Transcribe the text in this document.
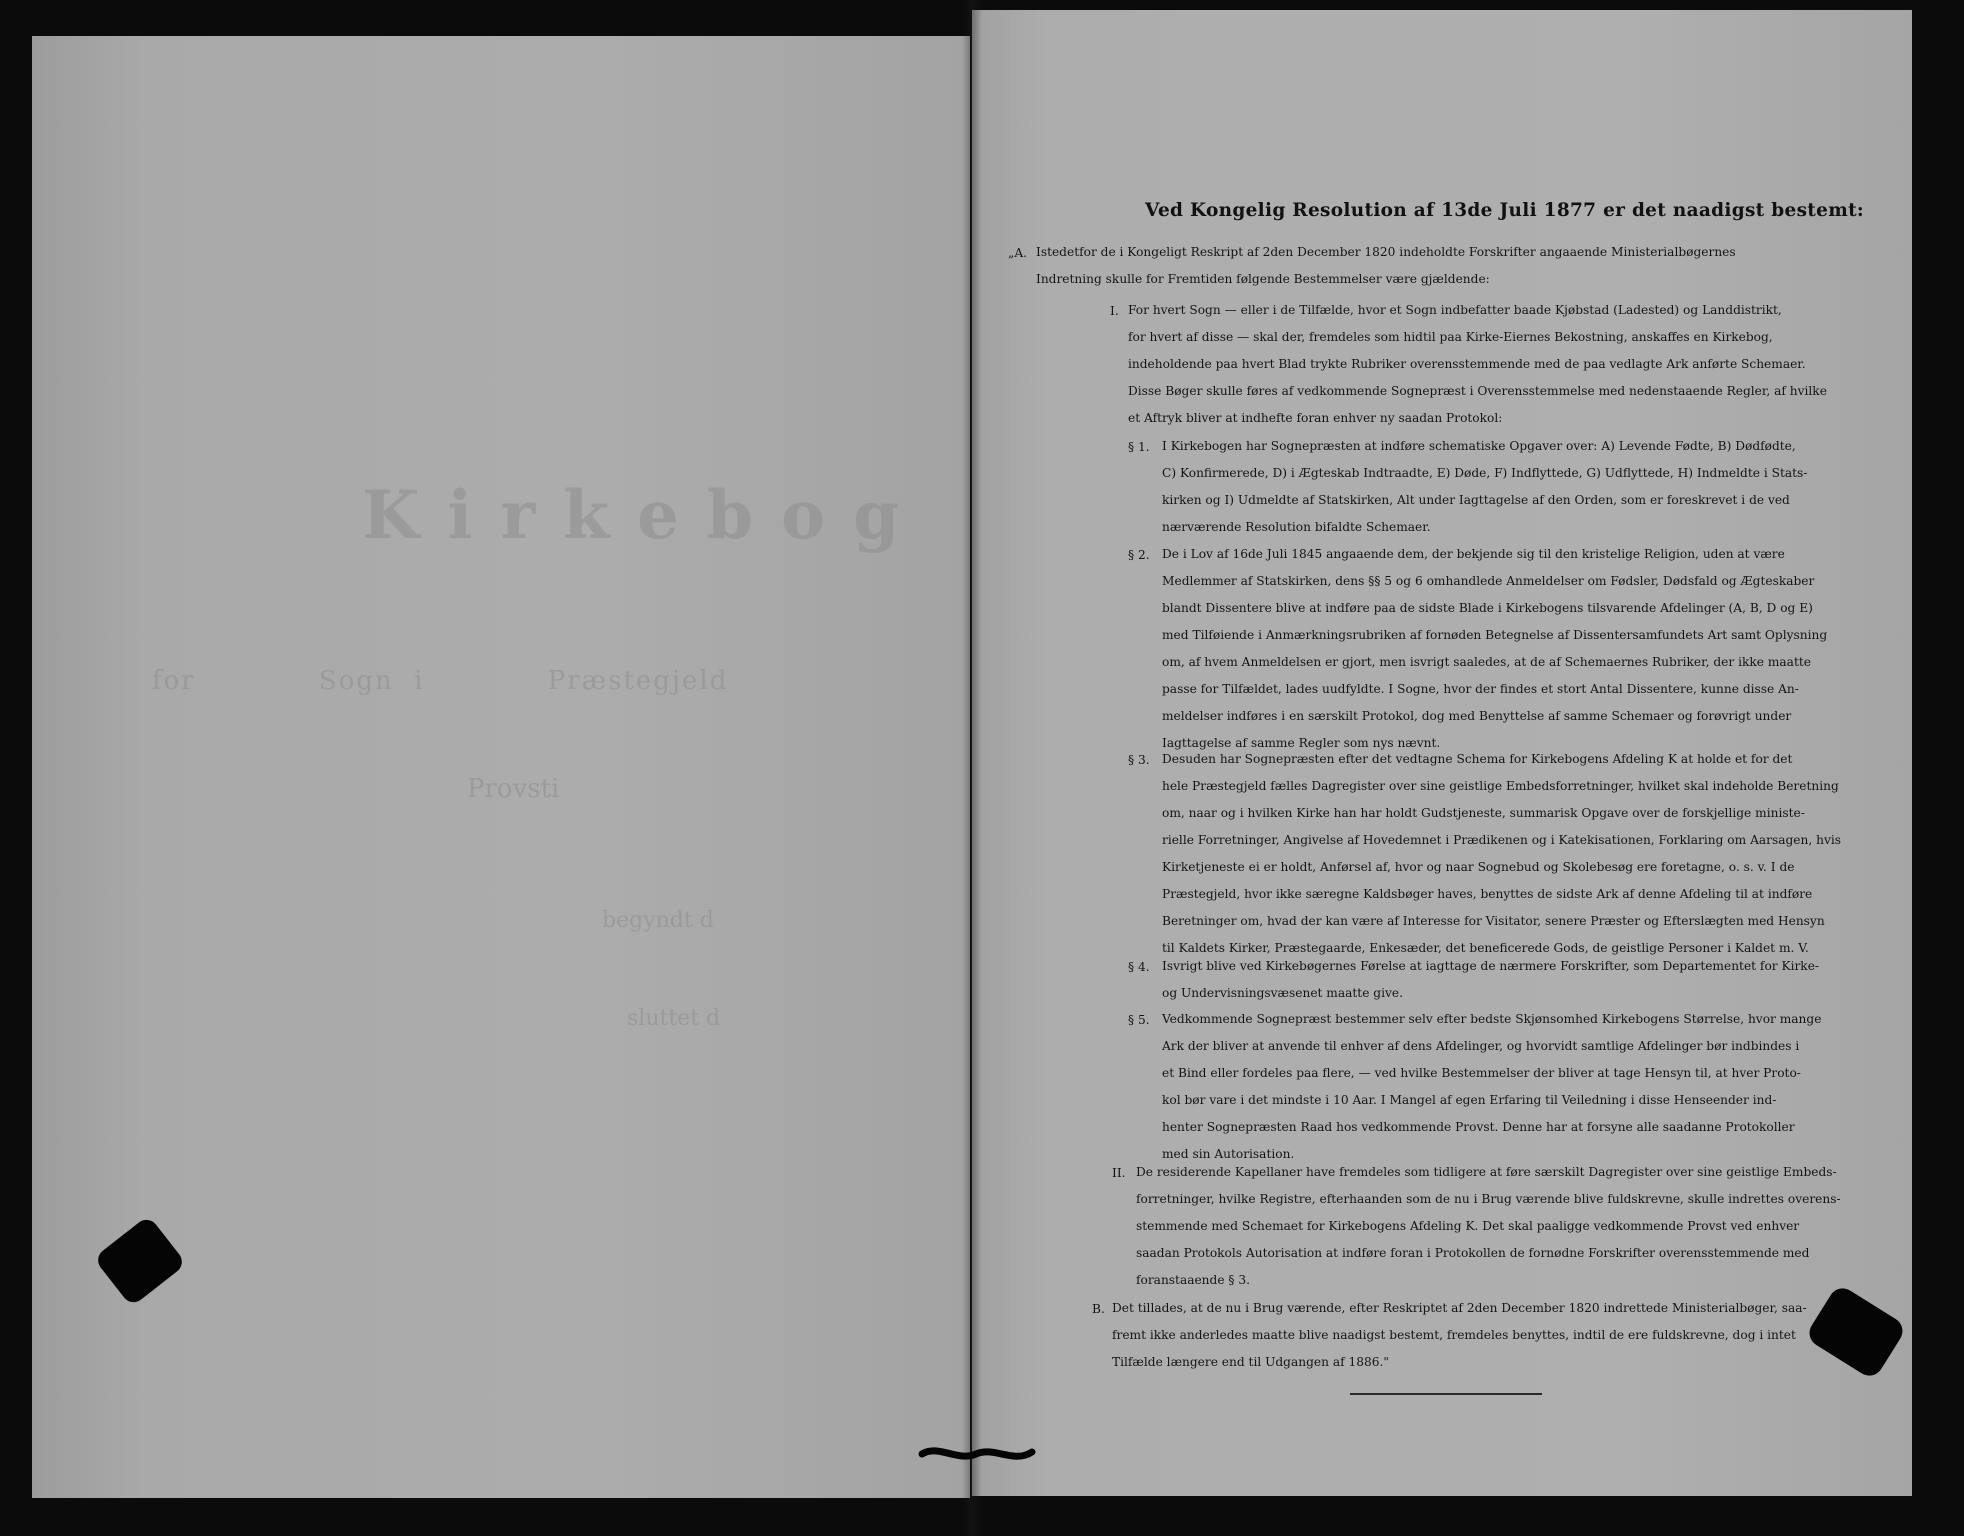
Kirkebog
for            Sogn  i            Præstegjeld
Provsti
begyndt d
sluttet d
Ved Kongelig Resolution af 13de Juli 1877 er det naadigst bestemt:
„A. Istedetfor de i Kongeligt Reskript af 2den December 1820 indeholdte Forskrifter angaaende Ministerialbøgernes
Indretning skulle for Fremtiden følgende Bestemmelser være gjældende:
I. For hvert Sogn — eller i de Tilfælde, hvor et Sogn indbefatter baade Kjøbstad (Ladested) og Landdistrikt,
for hvert af disse — skal der, fremdeles som hidtil paa Kirke-Eiernes Bekostning, anskaffes en Kirkebog,
indeholdende paa hvert Blad trykte Rubriker overensstemmende med de paa vedlagte Ark anførte Schemaer.
Disse Bøger skulle føres af vedkommende Sognepræst i Overensstemmelse med nedenstaaende Regler, af hvilke
et Aftryk bliver at indhefte foran enhver ny saadan Protokol:
§ 1. I Kirkebogen har Sognepræsten at indføre schematiske Opgaver over: A) Levende Fødte, B) Dødfødte,
C) Konfirmerede, D) i Ægteskab Indtraadte, E) Døde, F) Indflyttede, G) Udflyttede, H) Indmeldte i Stats-
kirken og I) Udmeldte af Statskirken, Alt under Iagttagelse af den Orden, som er foreskrevet i de ved
nærværende Resolution bifaldte Schemaer.
§ 2. De i Lov af 16de Juli 1845 angaaende dem, der bekjende sig til den kristelige Religion, uden at være
Medlemmer af Statskirken, dens §§ 5 og 6 omhandlede Anmeldelser om Fødsler, Dødsfald og Ægteskaber
blandt Dissentere blive at indføre paa de sidste Blade i Kirkebogens tilsvarende Afdelinger (A, B, D og E)
med Tilføiende i Anmærkningsrubriken af fornøden Betegnelse af Dissentersamfundets Art samt Oplysning
om, af hvem Anmeldelsen er gjort, men isvrigt saaledes, at de af Schemaernes Rubriker, der ikke maatte
passe for Tilfældet, lades uudfyldte. I Sogne, hvor der findes et stort Antal Dissentere, kunne disse An-
meldelser indføres i en særskilt Protokol, dog med Benyttelse af samme Schemaer og forøvrigt under
Iagttagelse af samme Regler som nys nævnt.
§ 3. Desuden har Sognepræsten efter det vedtagne Schema for Kirkebogens Afdeling K at holde et for det
hele Præstegjeld fælles Dagregister over sine geistlige Embedsforretninger, hvilket skal indeholde Beretning
om, naar og i hvilken Kirke han har holdt Gudstjeneste, summarisk Opgave over de forskjellige ministe-
rielle Forretninger, Angivelse af Hovedemnet i Prædikenen og i Katekisationen, Forklaring om Aarsagen, hvis
Kirketjeneste ei er holdt, Anførsel af, hvor og naar Sognebud og Skolebesøg ere foretagne, o. s. v. I de
Præstegjeld, hvor ikke særegne Kaldsbøger haves, benyttes de sidste Ark af denne Afdeling til at indføre
Beretninger om, hvad der kan være af Interesse for Visitator, senere Præster og Efterslægten med Hensyn
til Kaldets Kirker, Præstegaarde, Enkesæder, det beneficerede Gods, de geistlige Personer i Kaldet m. V.
§ 4. Isvrigt blive ved Kirkebøgernes Førelse at iagttage de nærmere Forskrifter, som Departementet for Kirke-
og Undervisningsvæsenet maatte give.
§ 5. Vedkommende Sognepræst bestemmer selv efter bedste Skjønsomhed Kirkebogens Størrelse, hvor mange
Ark der bliver at anvende til enhver af dens Afdelinger, og hvorvidt samtlige Afdelinger bør indbindes i
et Bind eller fordeles paa flere, — ved hvilke Bestemmelser der bliver at tage Hensyn til, at hver Proto-
kol bør vare i det mindste i 10 Aar. I Mangel af egen Erfaring til Veiledning i disse Henseender ind-
henter Sognepræsten Raad hos vedkommende Provst. Denne har at forsyne alle saadanne Protokoller
med sin Autorisation.
II. De residerende Kapellaner have fremdeles som tidligere at føre særskilt Dagregister over sine geistlige Embeds-
forretninger, hvilke Registre, efterhaanden som de nu i Brug værende blive fuldskrevne, skulle indrettes overens-
stemmende med Schemaet for Kirkebogens Afdeling K. Det skal paaligge vedkommende Provst ved enhver
saadan Protokols Autorisation at indføre foran i Protokollen de fornødne Forskrifter overensstemmende med
foranstaaende § 3.
B. Det tillades, at de nu i Brug værende, efter Reskriptet af 2den December 1820 indrettede Ministerialbøger, saa-
fremt ikke anderledes maatte blive naadigst bestemt, fremdeles benyttes, indtil de ere fuldskrevne, dog i intet
Tilfælde længere end til Udgangen af 1886."
